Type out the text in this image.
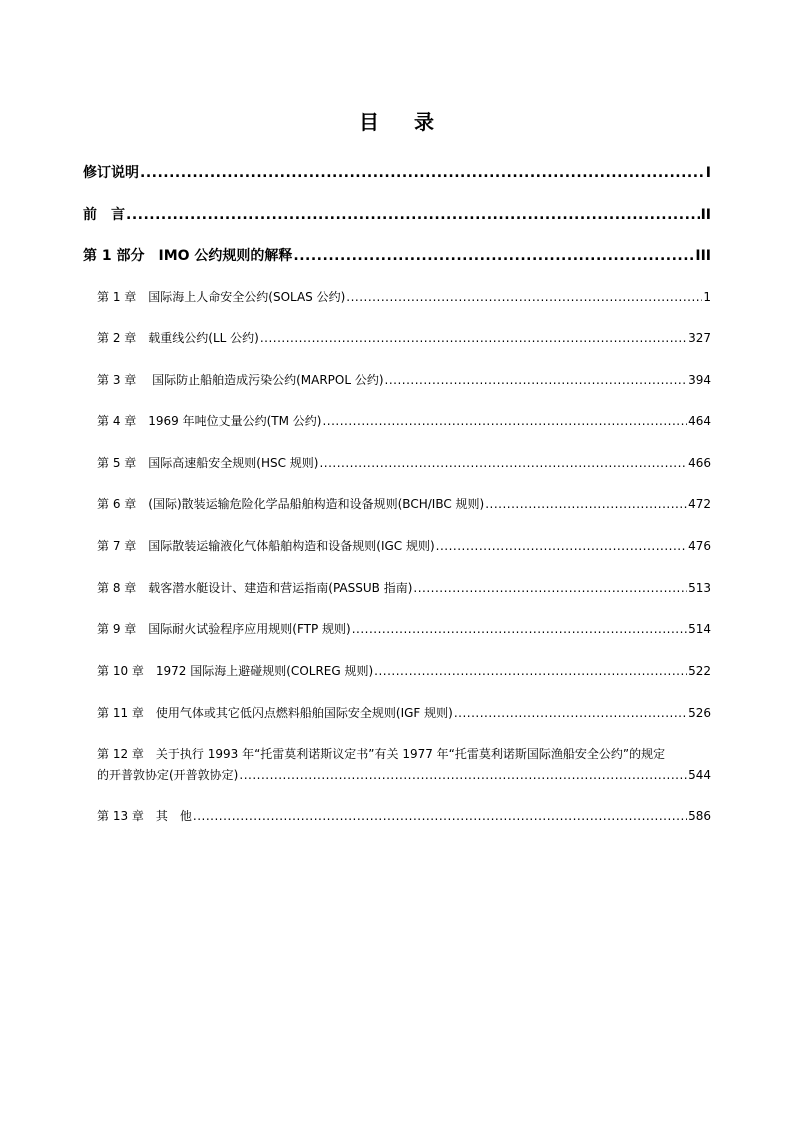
目 录
修订说明 .....	I
前　言 .....	II
第 1 部分　IMO 公约规则的解释 .....	III
第 1 章　国际海上人命安全公约(SOLAS 公约) .....	1
第 2 章　载重线公约(LL 公约) .....	327
第 3 章　 国际防止船舶造成污染公约(MARPOL 公约) .....	394
第 4 章　1969 年吨位丈量公约(TM 公约) .....	464
第 5 章　国际高速船安全规则(HSC 规则) .....	466
第 6 章　(国际)散装运输危险化学品船舶构造和设备规则(BCH/IBC 规则) .....	472
第 7 章　国际散装运输液化气体船舶构造和设备规则(IGC 规则) .....	476
第 8 章　载客潜水艇设计、建造和营运指南(PASSUB 指南) .....	513
第 9 章　国际耐火试验程序应用规则(FTP 规则) .....	514
第 10 章　1972 国际海上避碰规则(COLREG 规则) .....	522
第 11 章　使用气体或其它低闪点燃料船舶国际安全规则(IGF 规则) .....	526
第 12 章　关于执行 1993 年“托雷莫利诺斯议定书”有关 1977 年“托雷莫利诺斯国际渔船安全公约”的规定
的开普敦协定(开普敦协定) .....	544
第 13 章　其　他 .....	586
